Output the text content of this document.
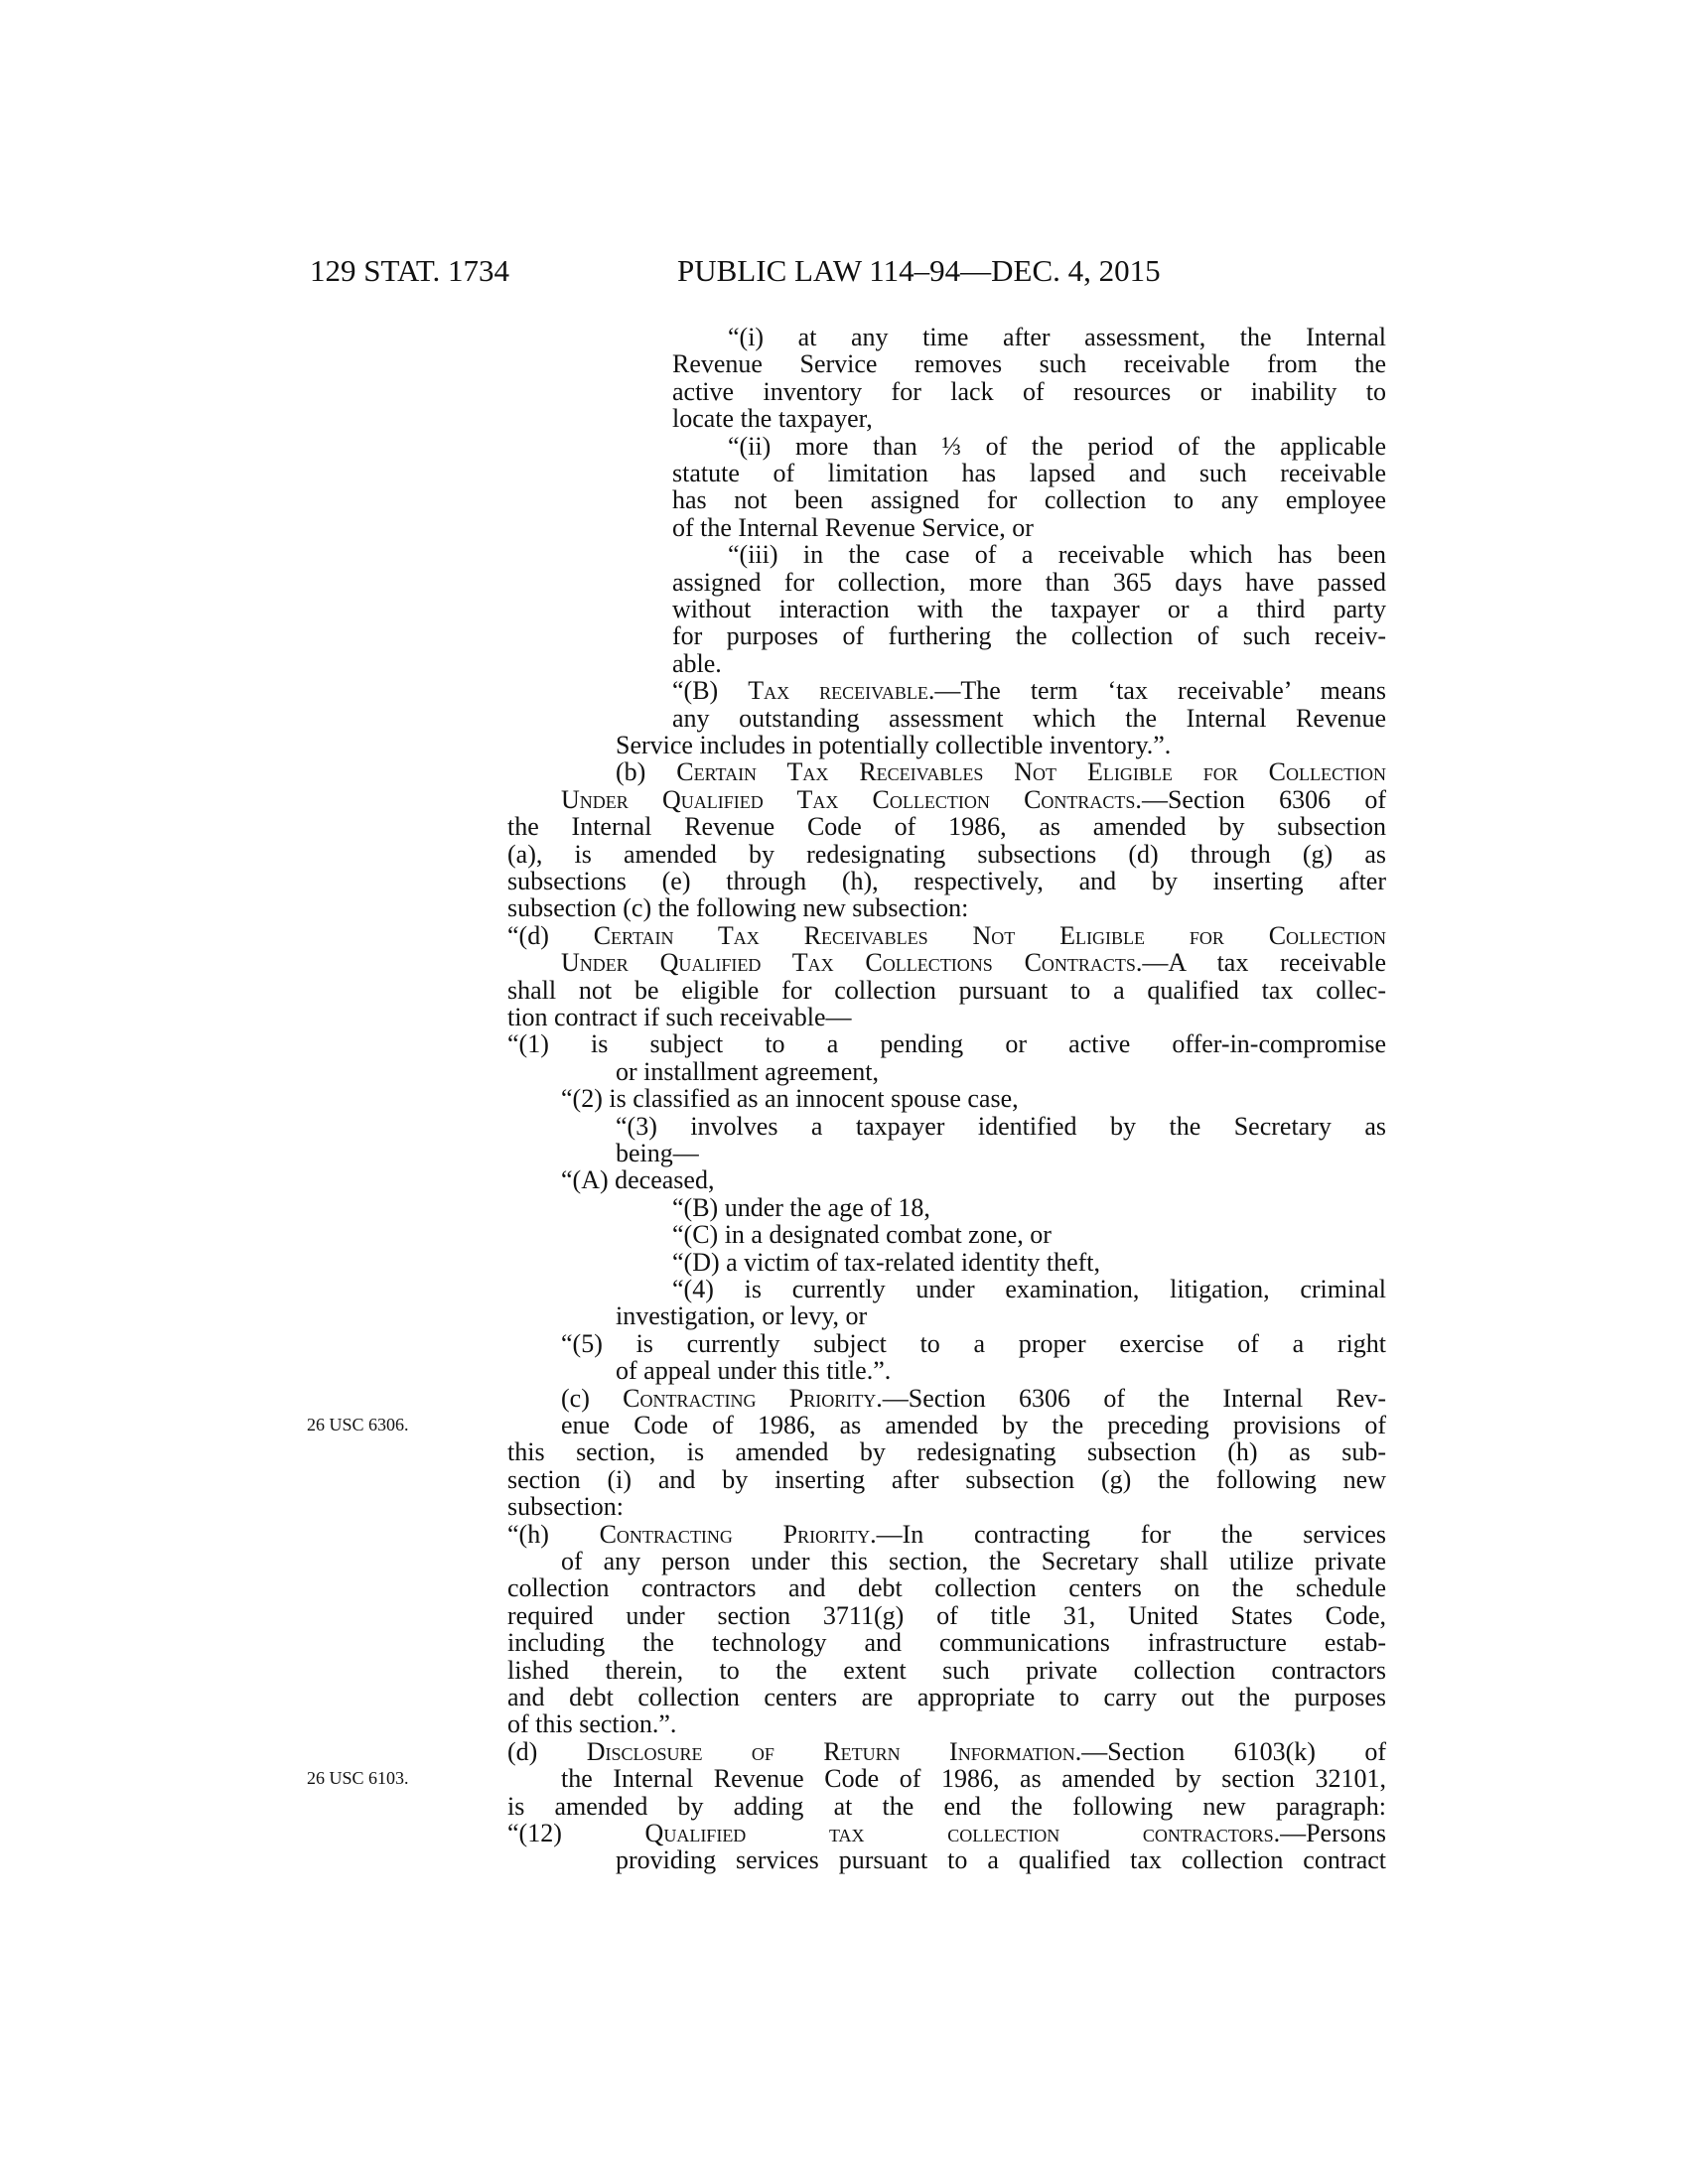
129 STAT. 1734	PUBLIC LAW 114–94—DEC. 4, 2015
“(i) at any time after assessment, the Internal
Revenue Service removes such receivable from the
active inventory for lack of resources or inability to
locate the taxpayer,
“(ii) more than ⅓ of the period of the applicable
statute of limitation has lapsed and such receivable
has not been assigned for collection to any employee
of the Internal Revenue Service, or
“(iii) in the case of a receivable which has been
assigned for collection, more than 365 days have passed
without interaction with the taxpayer or a third party
for purposes of furthering the collection of such receiv-
able.
“(B) Tax receivable.—The term ‘tax receivable’ means
any outstanding assessment which the Internal Revenue
Service includes in potentially collectible inventory.”.
(b) Certain Tax Receivables Not Eligible for Collection
Under Qualified Tax Collection Contracts.—Section 6306 of
the Internal Revenue Code of 1986, as amended by subsection
(a), is amended by redesignating subsections (d) through (g) as
subsections (e) through (h), respectively, and by inserting after
subsection (c) the following new subsection:
“(d) Certain Tax Receivables Not Eligible for Collection
Under Qualified Tax Collections Contracts.—A tax receivable
shall not be eligible for collection pursuant to a qualified tax collec-
tion contract if such receivable—
“(1) is subject to a pending or active offer-in-compromise
or installment agreement,
“(2) is classified as an innocent spouse case,
“(3) involves a taxpayer identified by the Secretary as
being—
“(A) deceased,
“(B) under the age of 18,
“(C) in a designated combat zone, or
“(D) a victim of tax-related identity theft,
“(4) is currently under examination, litigation, criminal
investigation, or levy, or
“(5) is currently subject to a proper exercise of a right
of appeal under this title.”.
(c) Contracting Priority.—Section 6306 of the Internal Rev-
enue Code of 1986, as amended by the preceding provisions of
26 USC 6306.
this section, is amended by redesignating subsection (h) as sub-
section (i) and by inserting after subsection (g) the following new
subsection:
“(h) Contracting Priority.—In contracting for the services
of any person under this section, the Secretary shall utilize private
collection contractors and debt collection centers on the schedule
required under section 3711(g) of title 31, United States Code,
including the technology and communications infrastructure estab-
lished therein, to the extent such private collection contractors
and debt collection centers are appropriate to carry out the purposes
of this section.”.
(d) Disclosure of Return Information.—Section 6103(k) of
the Internal Revenue Code of 1986, as amended by section 32101,
26 USC 6103.
is amended by adding at the end the following new paragraph:
“(12) Qualified tax collection contractors.—Persons
providing services pursuant to a qualified tax collection contract
